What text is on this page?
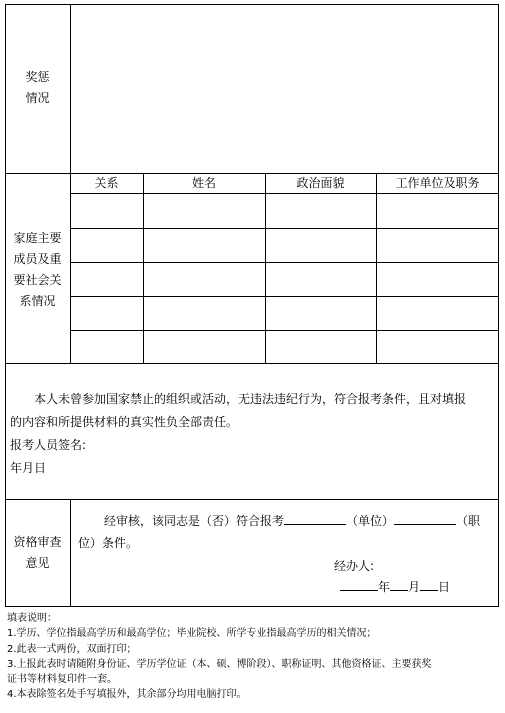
奖惩
情况
家庭主要
成员及重
要社会关
系情况
关系	姓名	政治面貌	工作单位及职务

本人未曾参加国家禁止的组织或活动，无违法违纪行为，符合报考条件，且对填报

的内容和所提供材料的真实性负全部责任。

报考人员签名:

年月日

资格审查
意见
经审核，该同志是（否）符合报考	（单位）	（职
位）条件。
经办人:
年 月 日
填表说明：
1.学历、学位指最高学历和最高学位；毕业院校、所学专业指最高学历的相关情况；
2.此表一式两份，双面打印；
3.上报此表时请随附身份证、学历学位证（本、硕、博阶段）、职称证明、其他资格证、主要获奖
证书等材料复印件一套。
4.本表除签名处手写填报外，其余部分均用电脑打印。
